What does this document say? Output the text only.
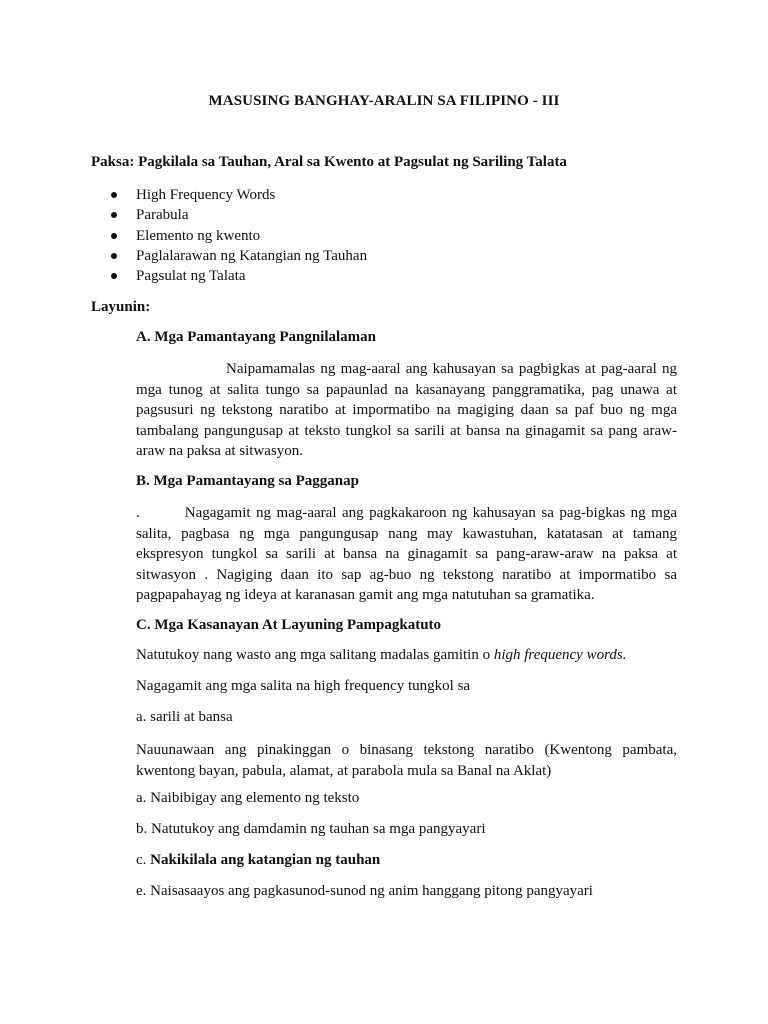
MASUSING BANGHAY-ARALIN SA FILIPINO - III
Paksa: Pagkilala sa Tauhan, Aral sa Kwento at Pagsulat ng Sariling Talata
High Frequency Words
Parabula
Elemento ng kwento
Paglalarawan ng Katangian ng Tauhan
Pagsulat ng Talata
Layunin:
A. Mga Pamantayang Pangnilalaman

Naipamamalas ng mag-aaral ang kahusayan sa pagbigkas at pag-aaral ng mga tunog at salita tungo sa papaunlad na kasanayang panggramatika, pag unawa at pagsusuri ng tekstong naratibo at impormatibo na magiging daan sa paf buo ng mga tambalang pangungusap at teksto tungkol sa sarili at bansa na ginagamit sa pang araw-araw na paksa at sitwasyon.

B. Mga Pamantayang sa Pagganap

.	Nagagamit ng mag-aaral ang pagkakaroon ng kahusayan sa pag-bigkas ng mga salita, pagbasa ng mga pangungusap nang may kawastuhan, katatasan at tamang ekspresyon tungkol sa sarili at bansa na ginagamit sa pang-araw-araw na paksa at sitwasyon . Nagiging daan ito sap ag-buo ng tekstong naratibo at impormatibo sa pagpapahayag ng ideya at karanasan gamit ang mga natutuhan sa gramatika.

C. Mga Kasanayan At Layuning Pampagkatuto
Natutukoy nang wasto ang mga salitang madalas gamitin o high frequency words.
Nagagamit ang mga salita na high frequency tungkol sa
a. sarili at bansa

Nauunawaan ang pinakinggan o binasang tekstong naratibo (Kwentong pambata, kwentong bayan, pabula, alamat, at parabola mula sa Banal na Aklat)

a. Naibibigay ang elemento ng teksto
b. Natutukoy ang damdamin ng tauhan sa mga pangyayari
c. Nakikilala ang katangian ng tauhan
e. Naisasaayos ang pagkasunod-sunod ng anim hanggang pitong pangyayari
